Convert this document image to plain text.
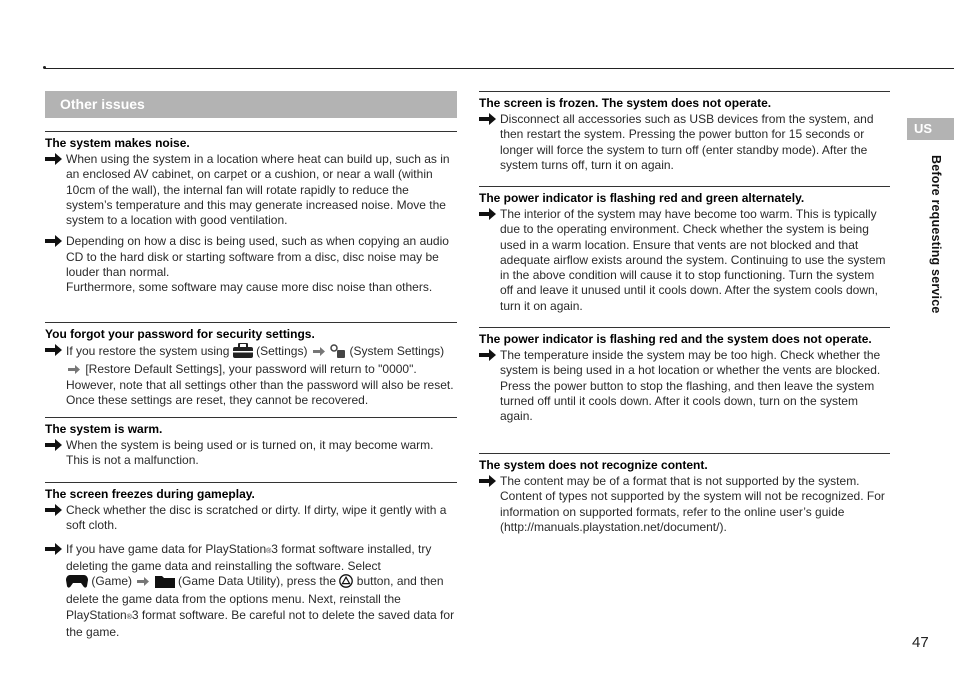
Other issues
The system makes noise.
When using the system in a location where heat can build up, such as in an enclosed AV cabinet, on carpet or a cushion, or near a wall (within 10cm of the wall), the internal fan will rotate rapidly to reduce the system’s temperature and this may generate increased noise. Move the system to a location with good ventilation.
Depending on how a disc is being used, such as when copying an audio CD to the hard disk or starting software from a disc, disc noise may be louder than normal.
Furthermore, some software may cause more disc noise than others.
You forgot your password for security settings.
If you restore the system using (Settings)	(System Settings)
[Restore Default Settings], your password will return to "0000". However, note that all settings other than the password will also be reset. Once these settings are reset, they cannot be recovered.
The system is warm.
When the system is being used or is turned on, it may become warm. This is not a malfunction.
The screen freezes during gameplay.
Check whether the disc is scratched or dirty. If dirty, wipe it gently with a soft cloth.
If you have game data for PlayStation®3 format software installed, try deleting the game data and reinstalling the software. Select
(Game)	(Game Data Utility), press the button, and then delete the game data from the options menu. Next, reinstall the PlayStation®3 format software. Be careful not to delete the saved data for the game.
The screen is frozen. The system does not operate.
Disconnect all accessories such as USB devices from the system, and then restart the system. Pressing the power button for 15 seconds or longer will force the system to turn off (enter standby mode). After the system turns off, turn it on again.
The power indicator is flashing red and green alternately.
The interior of the system may have become too warm. This is typically due to the operating environment. Check whether the system is being used in a warm location. Ensure that vents are not blocked and that adequate airflow exists around the system. Continuing to use the system in the above condition will cause it to stop functioning. Turn the system off and leave it unused until it cools down. After the system cools down, turn it on again.
The power indicator is flashing red and the system does not operate.
The temperature inside the system may be too high. Check whether the system is being used in a hot location or whether the vents are blocked. Press the power button to stop the flashing, and then leave the system turned off until it cools down. After it cools down, turn on the system again.
The system does not recognize content.
The content may be of a format that is not supported by the system. Content of types not supported by the system will not be recognized. For information on supported formats, refer to the online user’s guide (http://manuals.playstation.net/document/).
US
Before requesting service
47
